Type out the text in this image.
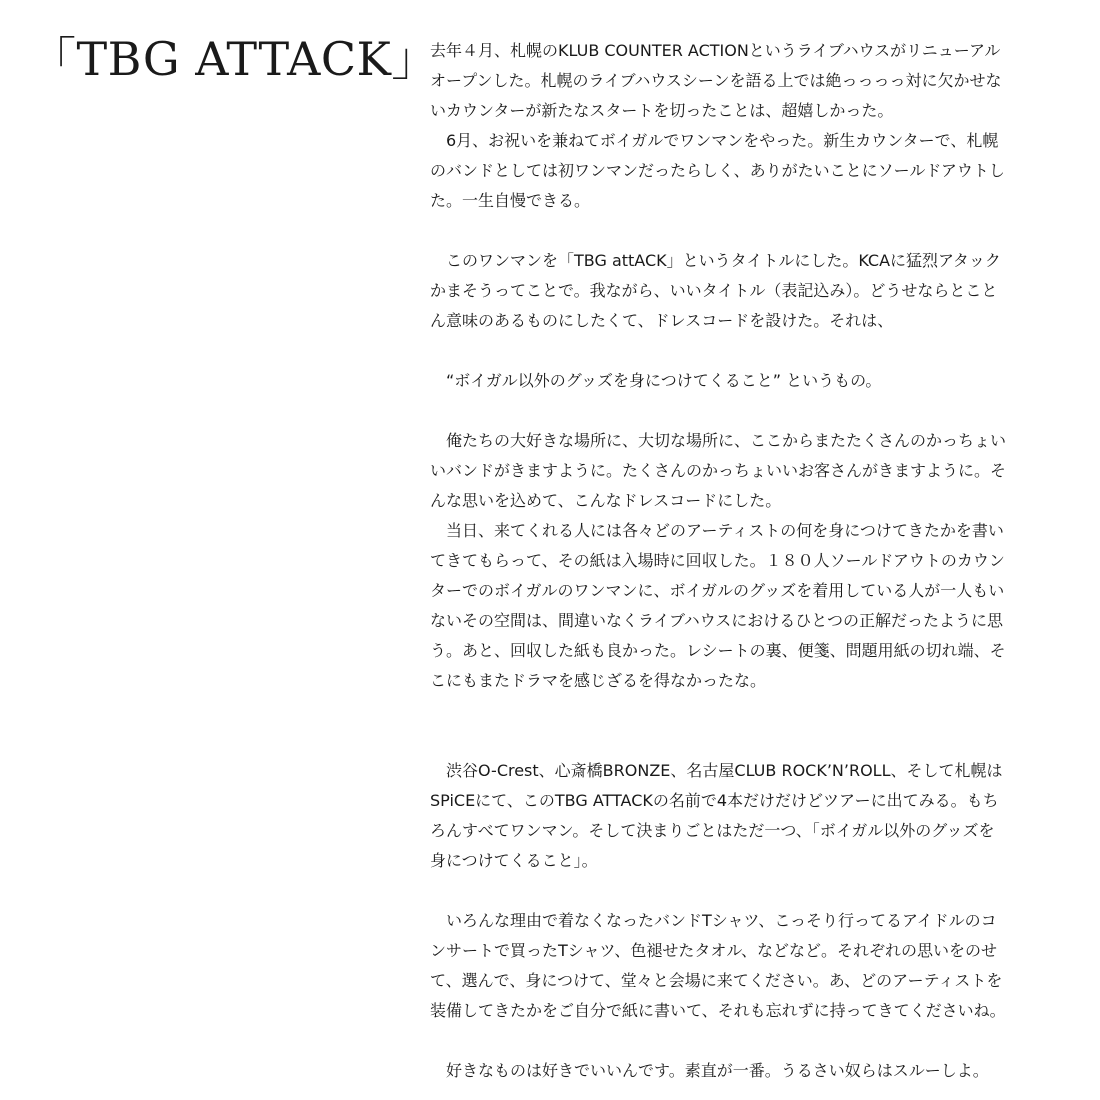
「TBG ATTACK」
去年４月、札幌のKLUB COUNTER ACTIONというライブハウスがリニューアル
オープンした。札幌のライブハウスシーンを語る上では絶っっっっ対に欠かせな
いカウンターが新たなスタートを切ったことは、超嬉しかった。
　6月、お祝いを兼ねてボイガルでワンマンをやった。新生カウンターで、札幌
のバンドとしては初ワンマンだったらしく、ありがたいことにソールドアウトし
た。一生自慢できる。
　このワンマンを「TBG attACK」というタイトルにした。KCAに猛烈アタック
かまそうってことで。我ながら、いいタイトル（表記込み）。どうせならとこと
ん意味のあるものにしたくて、ドレスコードを設けた。それは、
　“ボイガル以外のグッズを身につけてくること” というもの。
　俺たちの大好きな場所に、大切な場所に、ここからまたたくさんのかっちょい
いバンドがきますように。たくさんのかっちょいいお客さんがきますように。そ
んな思いを込めて、こんなドレスコードにした。
　当日、来てくれる人には各々どのアーティストの何を身につけてきたかを書い
てきてもらって、その紙は入場時に回収した。１８０人ソールドアウトのカウン
ターでのボイガルのワンマンに、ボイガルのグッズを着用している人が一人もい
ないその空間は、間違いなくライブハウスにおけるひとつの正解だったように思
う。あと、回収した紙も良かった。レシートの裏、便箋、問題用紙の切れ端、そ
こにもまたドラマを感じざるを得なかったな。
　渋谷O-Crest、心斎橋BRONZE、名古屋CLUB ROCK’N’ROLL、そして札幌は
SPiCEにて、このTBG ATTACKの名前で4本だけだけどツアーに出てみる。もち
ろんすべてワンマン。そして決まりごとはただ一つ、「ボイガル以外のグッズを
身につけてくること」。
　いろんな理由で着なくなったバンドTシャツ、こっそり行ってるアイドルのコ
ンサートで買ったTシャツ、色褪せたタオル、などなど。それぞれの思いをのせ
て、選んで、身につけて、堂々と会場に来てください。あ、どのアーティストを
装備してきたかをご自分で紙に書いて、それも忘れずに持ってきてくださいね。
　好きなものは好きでいいんです。素直が一番。うるさい奴らはスルーしよ。
